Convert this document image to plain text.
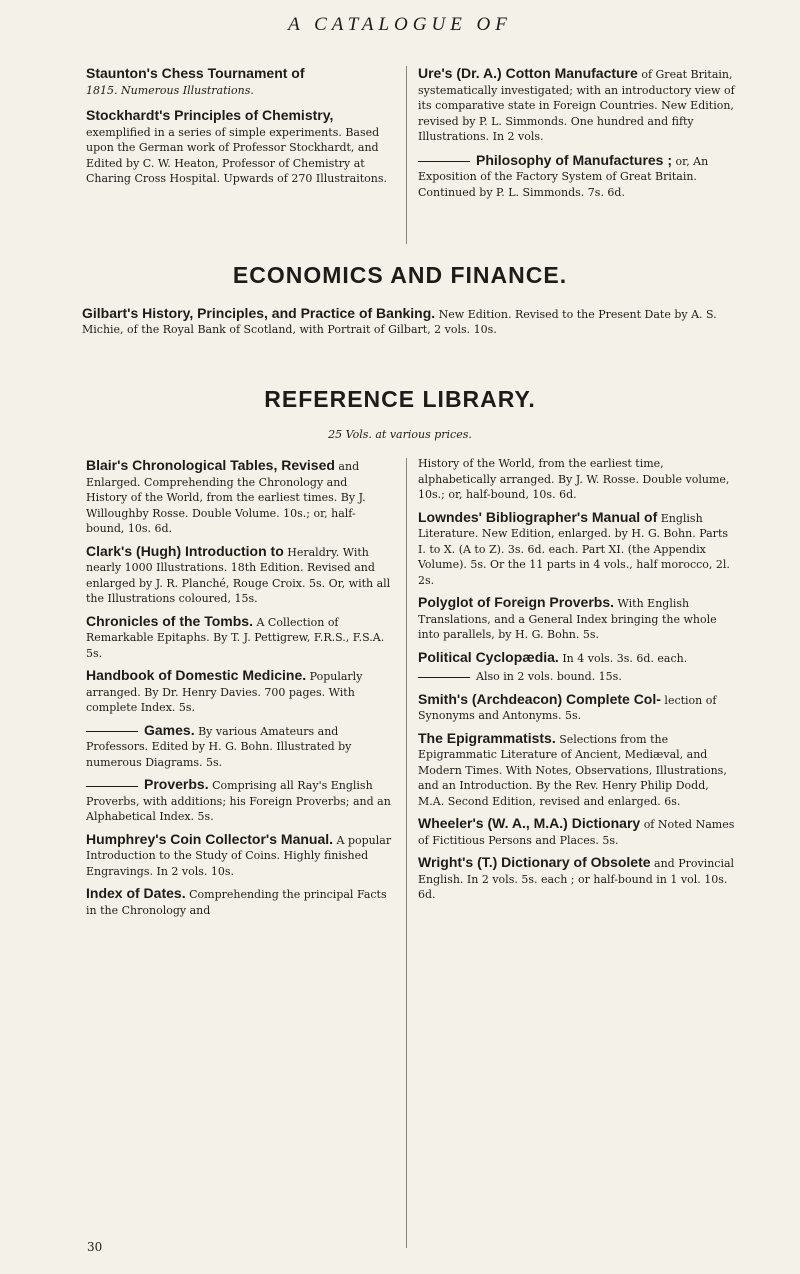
A CATALOGUE OF

Staunton's Chess Tournament of
1815. Numerous Illustrations.

Stockhardt's Principles of Chemistry, exemplified in a series of simple experiments. Based upon the German work of Professor Stockhardt, and Edited by C. W. Heaton, Professor of Chemistry at Charing Cross Hospital. Upwards of 270 Illustraitons.

Ure's (Dr. A.) Cotton Manufacture of Great Britain, systematically investigated; with an introductory view of its comparative state in Foreign Countries. New Edition, revised by P. L. Simmonds. One hundred and fifty Illustrations. In 2 vols.

Philosophy of Manufactures ; or, An Exposition of the Factory System of Great Britain. Continued by P. L. Simmonds. 7s. 6d.

ECONOMICS AND FINANCE.
Gilbart's History, Principles, and Practice of Banking. New Edition. Revised to the Present Date by A. S. Michie, of the Royal Bank of Scotland, with Portrait of Gilbart, 2 vols. 10s.
REFERENCE LIBRARY.
25 Vols. at various prices.

Blair's Chronological Tables, Revised and Enlarged. Comprehending the Chronology and History of the World, from the earliest times. By J. Willoughby Rosse. Double Volume. 10s.; or, half-bound, 10s. 6d.

Clark's (Hugh) Introduction to Heraldry. With nearly 1000 Illustrations. 18th Edition. Revised and enlarged by J. R. Planché, Rouge Croix. 5s. Or, with all the Illustrations coloured, 15s.

Chronicles of the Tombs. A Collection of Remarkable Epitaphs. By T. J. Pettigrew, F.R.S., F.S.A. 5s.

Handbook of Domestic Medicine. Popularly arranged. By Dr. Henry Davies. 700 pages. With complete Index. 5s.

Games. By various Amateurs and Professors. Edited by H. G. Bohn. Illustrated by numerous Diagrams. 5s.

Proverbs. Comprising all Ray's English Proverbs, with additions; his Foreign Proverbs; and an Alphabetical Index. 5s.

Humphrey's Coin Collector's Manual. A popular Introduction to the Study of Coins. Highly finished Engravings. In 2 vols. 10s.

Index of Dates. Comprehending the principal Facts in the Chronology and

History of the World, from the earliest time, alphabetically arranged. By J. W. Rosse. Double volume, 10s.; or, half-bound, 10s. 6d.

Lowndes' Bibliographer's Manual of English Literature. New Edition, enlarged. by H. G. Bohn. Parts I. to X. (A to Z). 3s. 6d. each. Part XI. (the Appendix Volume). 5s. Or the 11 parts in 4 vols., half morocco, 2l. 2s.

Polyglot of Foreign Proverbs. With English Translations, and a General Index bringing the whole into parallels, by H. G. Bohn. 5s.

Political Cyclopædia. In 4 vols. 3s. 6d. each.

Also in 2 vols. bound. 15s.

Smith's (Archdeacon) Complete Col- lection of Synonyms and Antonyms. 5s.

The Epigrammatists. Selections from the Epigrammatic Literature of Ancient, Mediæval, and Modern Times. With Notes, Observations, Illustrations, and an Introduction. By the Rev. Henry Philip Dodd, M.A. Second Edition, revised and enlarged. 6s.

Wheeler's (W. A., M.A.) Dictionary of Noted Names of Fictitious Persons and Places. 5s.

Wright's (T.) Dictionary of Obsolete and Provincial English. In 2 vols. 5s. each ; or half-bound in 1 vol. 10s. 6d.

30
